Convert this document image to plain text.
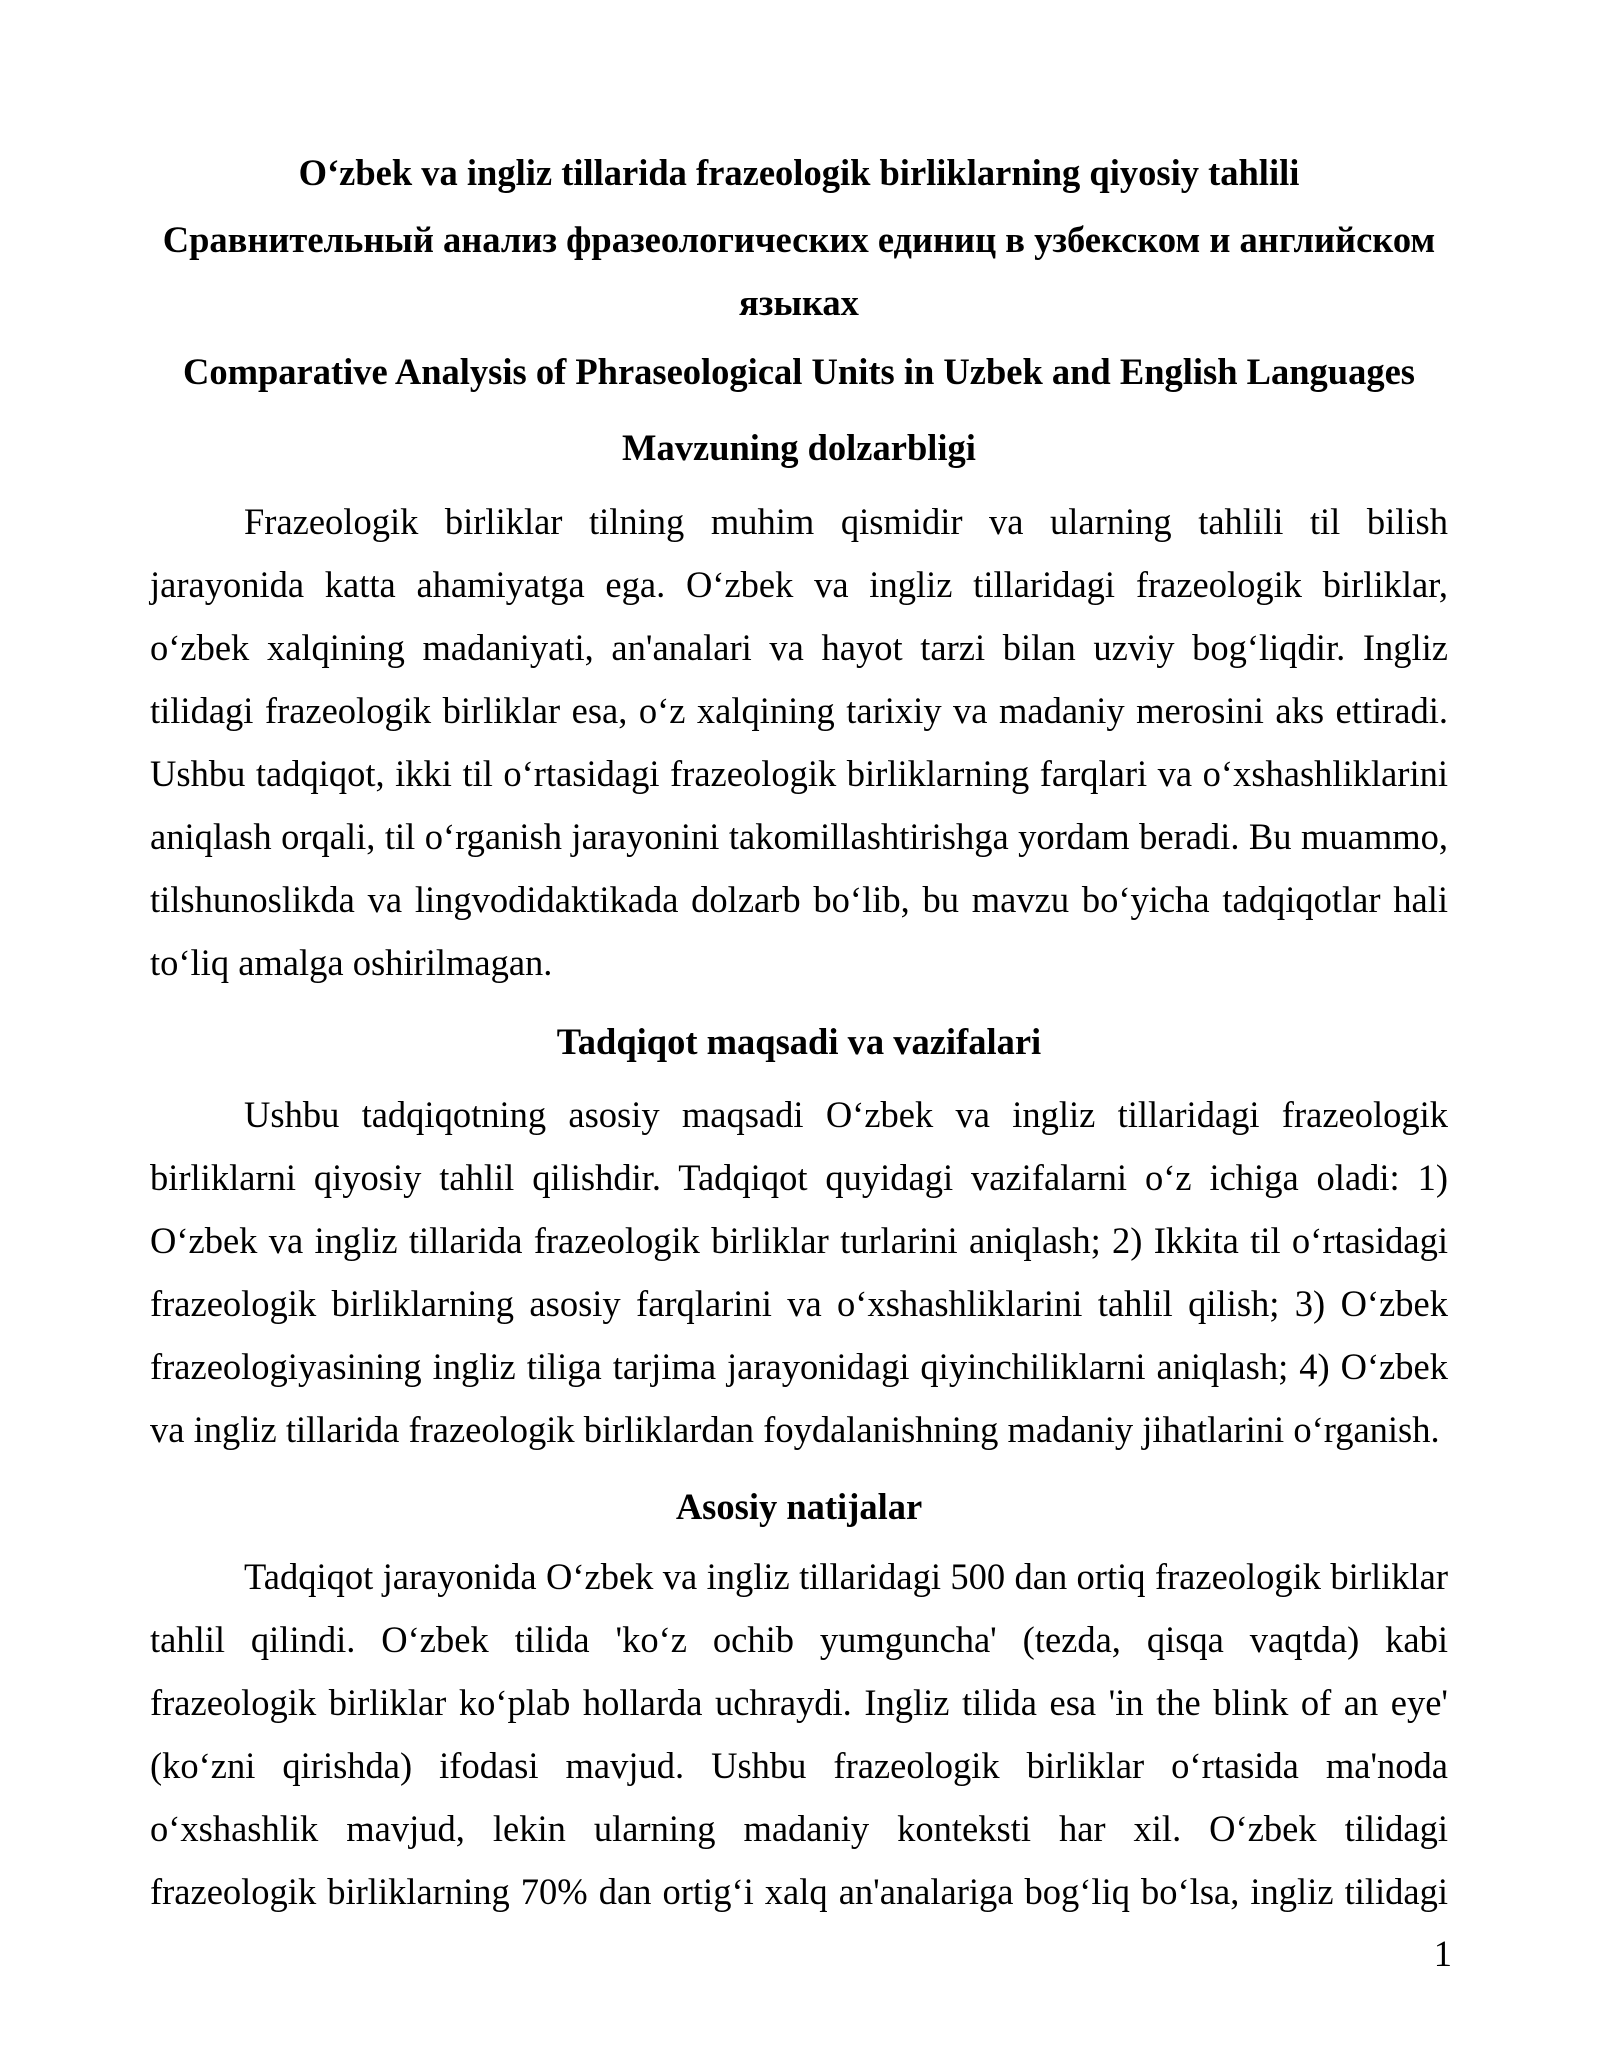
O‘zbek va ingliz tillarida frazeologik birliklarning qiyosiy tahlili
Сравнительный анализ фразеологических единиц в узбекском и английском
языках
Comparative Analysis of Phraseological Units in Uzbek and English Languages
Mavzuning dolzarbligi
Frazeologik birliklar tilning muhim qismidir va ularning tahlili til bilish
jarayonida katta ahamiyatga ega. O‘zbek va ingliz tillaridagi frazeologik birliklar,
o‘zbek xalqining madaniyati, an'analari va hayot tarzi bilan uzviy bog‘liqdir. Ingliz
tilidagi frazeologik birliklar esa, o‘z xalqining tarixiy va madaniy merosini aks ettiradi.
Ushbu tadqiqot, ikki til o‘rtasidagi frazeologik birliklarning farqlari va o‘xshashliklarini
aniqlash orqali, til o‘rganish jarayonini takomillashtirishga yordam beradi. Bu muammo,
tilshunoslikda va lingvodidaktikada dolzarb bo‘lib, bu mavzu bo‘yicha tadqiqotlar hali
to‘liq amalga oshirilmagan.
Tadqiqot maqsadi va vazifalari
Ushbu tadqiqotning asosiy maqsadi O‘zbek va ingliz tillaridagi frazeologik
birliklarni qiyosiy tahlil qilishdir. Tadqiqot quyidagi vazifalarni o‘z ichiga oladi: 1)
O‘zbek va ingliz tillarida frazeologik birliklar turlarini aniqlash; 2) Ikkita til o‘rtasidagi
frazeologik birliklarning asosiy farqlarini va o‘xshashliklarini tahlil qilish; 3) O‘zbek
frazeologiyasining ingliz tiliga tarjima jarayonidagi qiyinchiliklarni aniqlash; 4) O‘zbek
va ingliz tillarida frazeologik birliklardan foydalanishning madaniy jihatlarini o‘rganish.
Asosiy natijalar
Tadqiqot jarayonida O‘zbek va ingliz tillaridagi 500 dan ortiq frazeologik birliklar
tahlil qilindi. O‘zbek tilida 'ko‘z ochib yumguncha' (tezda, qisqa vaqtda) kabi
frazeologik birliklar ko‘plab hollarda uchraydi. Ingliz tilida esa 'in the blink of an eye'
(ko‘zni qirishda) ifodasi mavjud. Ushbu frazeologik birliklar o‘rtasida ma'noda
o‘xshashlik mavjud, lekin ularning madaniy konteksti har xil. O‘zbek tilidagi
frazeologik birliklarning 70% dan ortig‘i xalq an'analariga bog‘liq bo‘lsa, ingliz tilidagi
1
